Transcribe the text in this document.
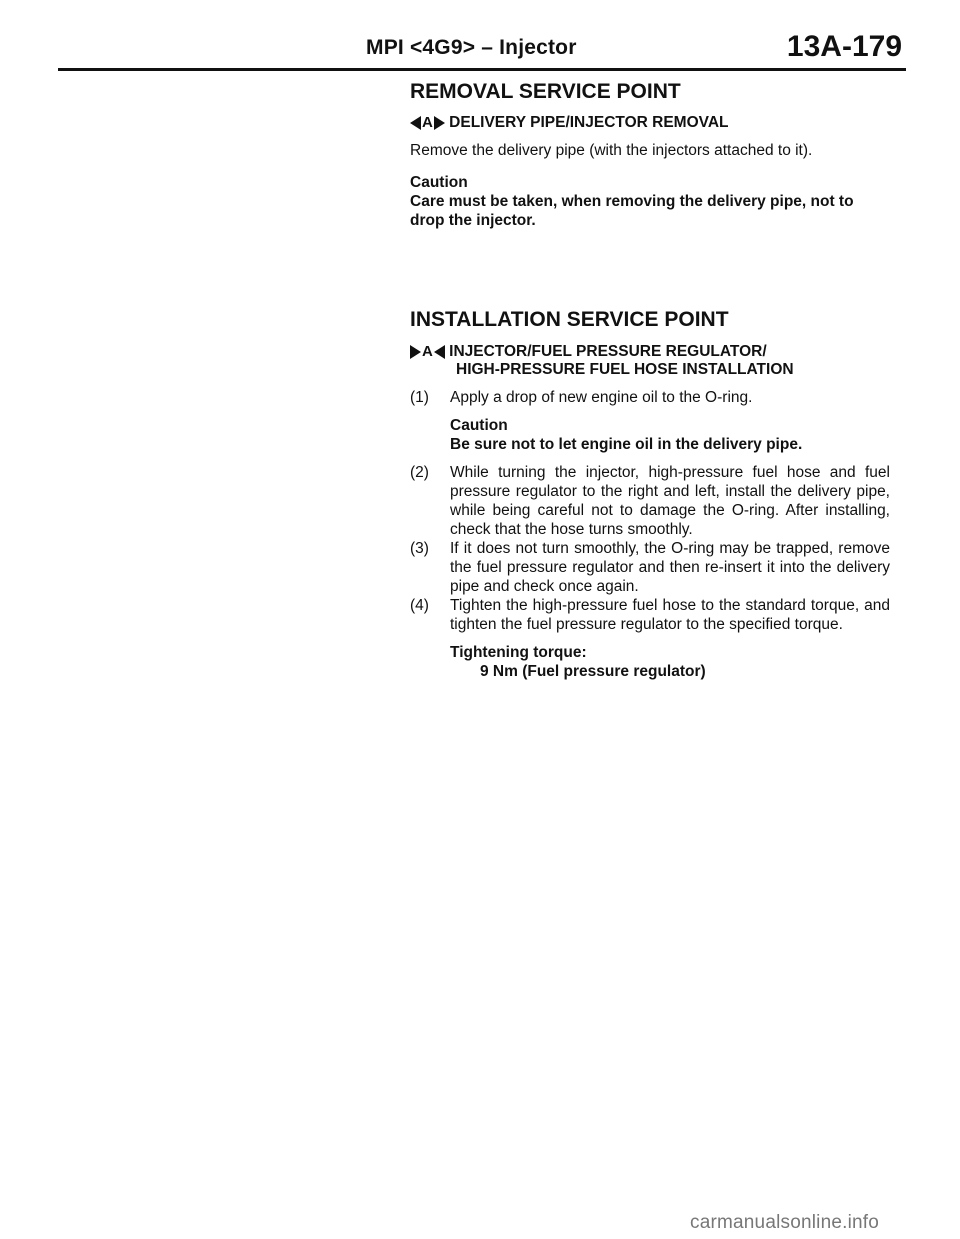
MPI <4G9> – Injector	13A-179
REMOVAL SERVICE POINT
A DELIVERY PIPE/INJECTOR REMOVAL
Remove the delivery pipe (with the injectors attached to it).
Caution
Care must be taken, when removing the delivery pipe, not to drop the injector.
INSTALLATION SERVICE POINT
A INJECTOR/FUEL PRESSURE REGULATOR/
HIGH-PRESSURE FUEL HOSE INSTALLATION
(1)	Apply a drop of new engine oil to the O-ring.
Caution
Be sure not to let engine oil in the delivery pipe.
(2)	While turning the injector, high-pressure fuel hose and fuel pressure regulator to the right and left, install the delivery pipe, while being careful not to damage the O-ring. After installing, check that the hose turns smoothly.
(3)	If it does not turn smoothly, the O-ring may be trapped, remove the fuel pressure regulator and then re-insert it into the delivery pipe and check once again.
(4)	Tighten the high-pressure fuel hose to the standard torque, and tighten the fuel pressure regulator to the specified torque.
Tightening torque:
9 Nm (Fuel pressure regulator)
carmanualsonline.info
